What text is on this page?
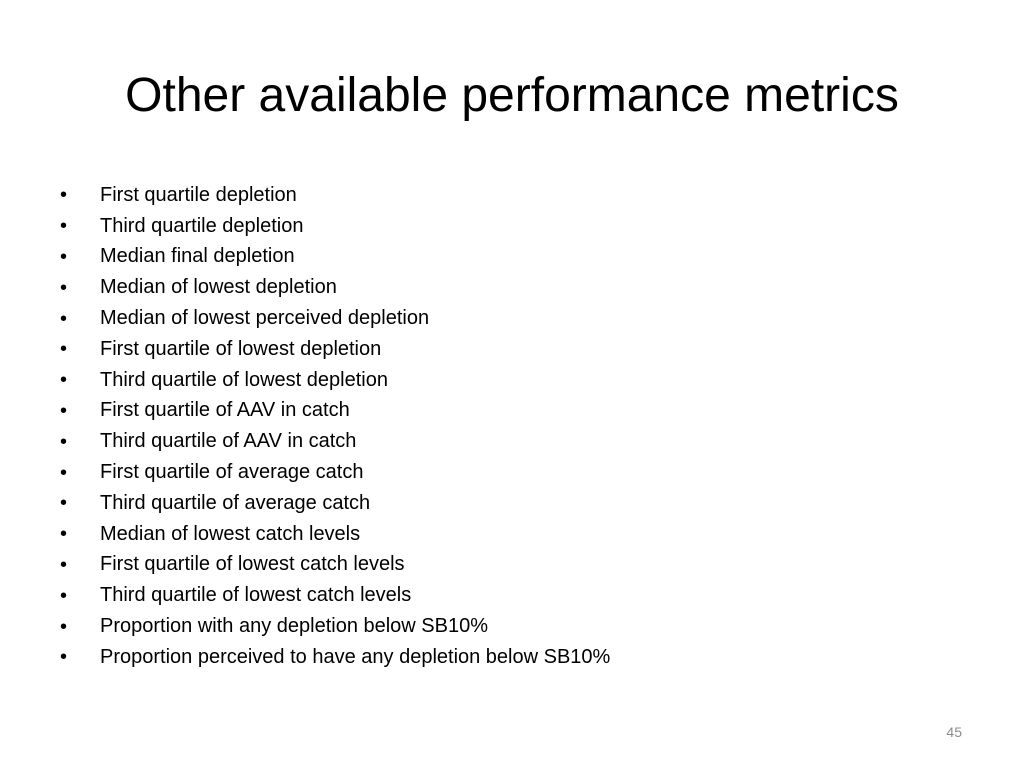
Other available performance metrics
•	First quartile depletion
•	Third quartile depletion
•	Median final depletion
•	Median of lowest depletion
•	Median of lowest perceived depletion
•	First quartile of lowest depletion
•	Third quartile of lowest depletion
•	First quartile of AAV in catch
•	Third quartile of AAV in catch
•	First quartile of average catch
•	Third quartile of average catch
•	Median of lowest catch levels
•	First quartile of lowest catch levels
•	Third quartile of lowest catch levels
•	Proportion with any depletion below SB10%
•	Proportion perceived to have any depletion below SB10%
45
